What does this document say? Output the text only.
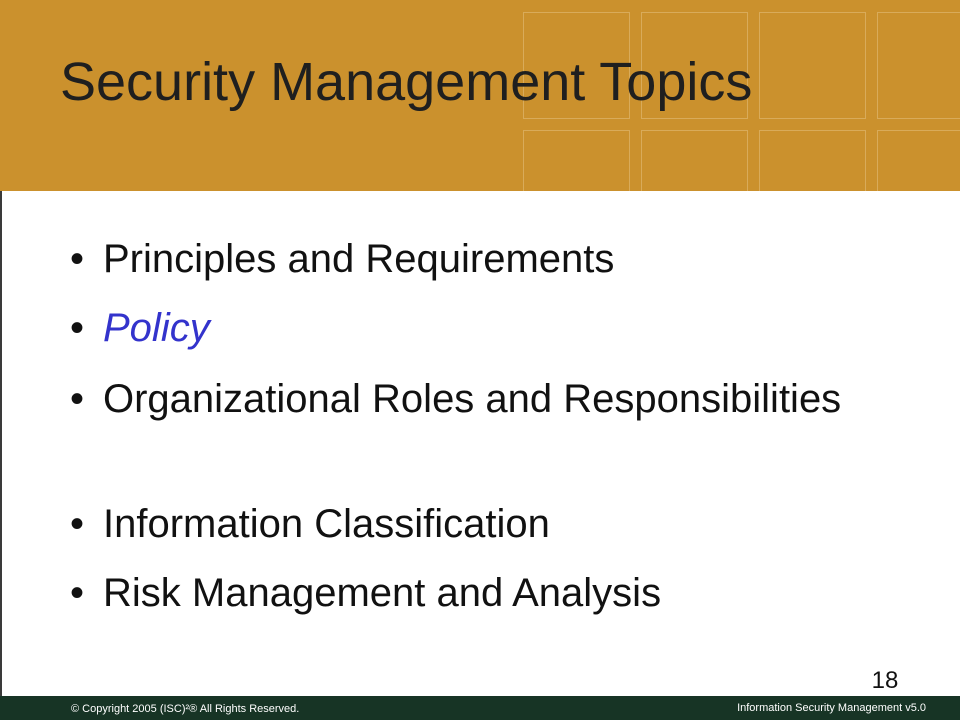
Security Management Topics
• Principles and Requirements
• Policy
• Organizational Roles and Responsibilities
• Information Classification
• Risk Management and Analysis
18
© Copyright 2005 (ISC)²® All Rights Reserved.	Information Security Management v5.0
